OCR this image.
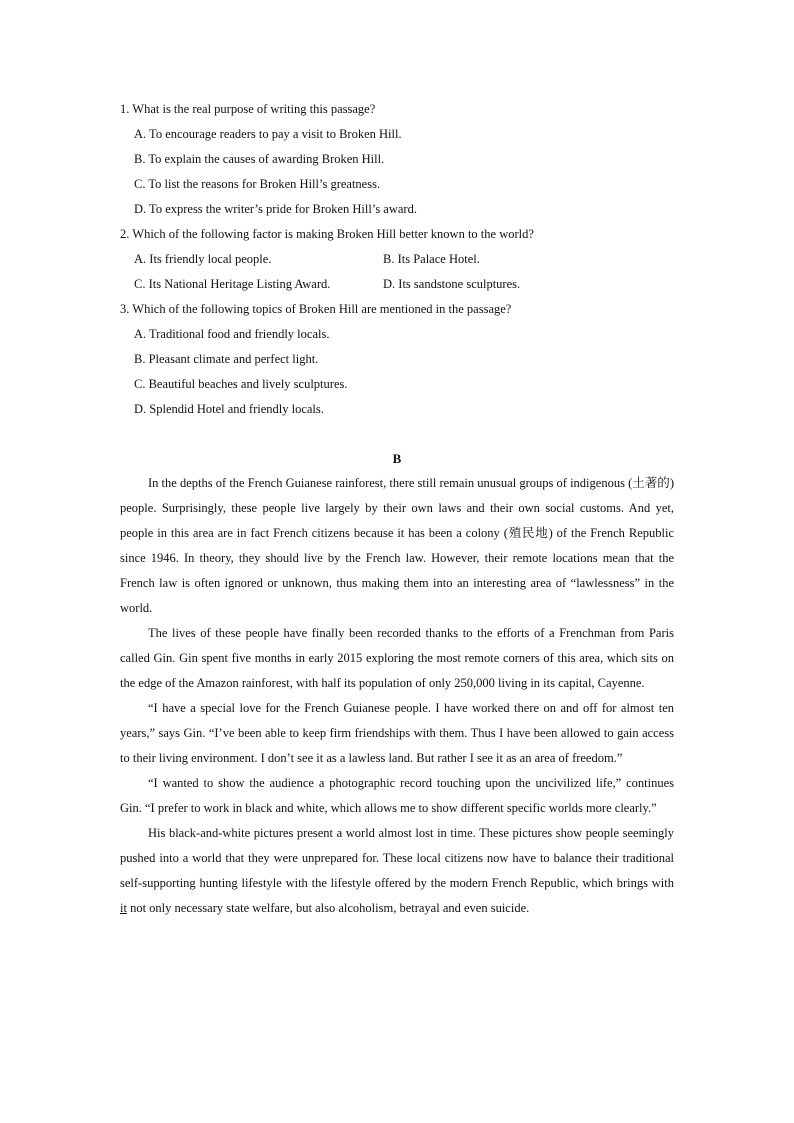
1. What is the real purpose of writing this passage?
A. To encourage readers to pay a visit to Broken Hill.
B. To explain the causes of awarding Broken Hill.
C. To list the reasons for Broken Hill’s greatness.
D. To express the writer’s pride for Broken Hill’s award.
2. Which of the following factor is making Broken Hill better known to the world?
A. Its friendly local people.	B. Its Palace Hotel.
C. Its National Heritage Listing Award.	D. Its sandstone sculptures.
3. Which of the following topics of Broken Hill are mentioned in the passage?
A. Traditional food and friendly locals.
B. Pleasant climate and perfect light.
C. Beautiful beaches and lively sculptures.
D. Splendid Hotel and friendly locals.
B

In the depths of the French Guianese rainforest, there still remain unusual groups of indigenous (土著的) people. Surprisingly, these people live largely by their own laws and their own social customs. And yet, people in this area are in fact French citizens because it has been a colony (殖民地) of the French Republic since 1946. In theory, they should live by the French law. However, their remote locations mean that the French law is often ignored or unknown, thus making them into an interesting area of “lawlessness” in the world.

The lives of these people have finally been recorded thanks to the efforts of a Frenchman from Paris called Gin. Gin spent five months in early 2015 exploring the most remote corners of this area, which sits on the edge of the Amazon rainforest, with half its population of only 250,000 living in its capital, Cayenne.

“I have a special love for the French Guianese people. I have worked there on and off for almost ten years,” says Gin. “I’ve been able to keep firm friendships with them. Thus I have been allowed to gain access to their living environment. I don’t see it as a lawless land. But rather I see it as an area of freedom.”

“I wanted to show the audience a photographic record touching upon the uncivilized life,” continues Gin. “I prefer to work in black and white, which allows me to show different specific worlds more clearly.”

His black-and-white pictures present a world almost lost in time. These pictures show people seemingly pushed into a world that they were unprepared for. These local citizens now have to balance their traditional self-supporting hunting lifestyle with the lifestyle offered by the modern French Republic, which brings with it not only necessary state welfare, but also alcoholism, betrayal and even suicide.
